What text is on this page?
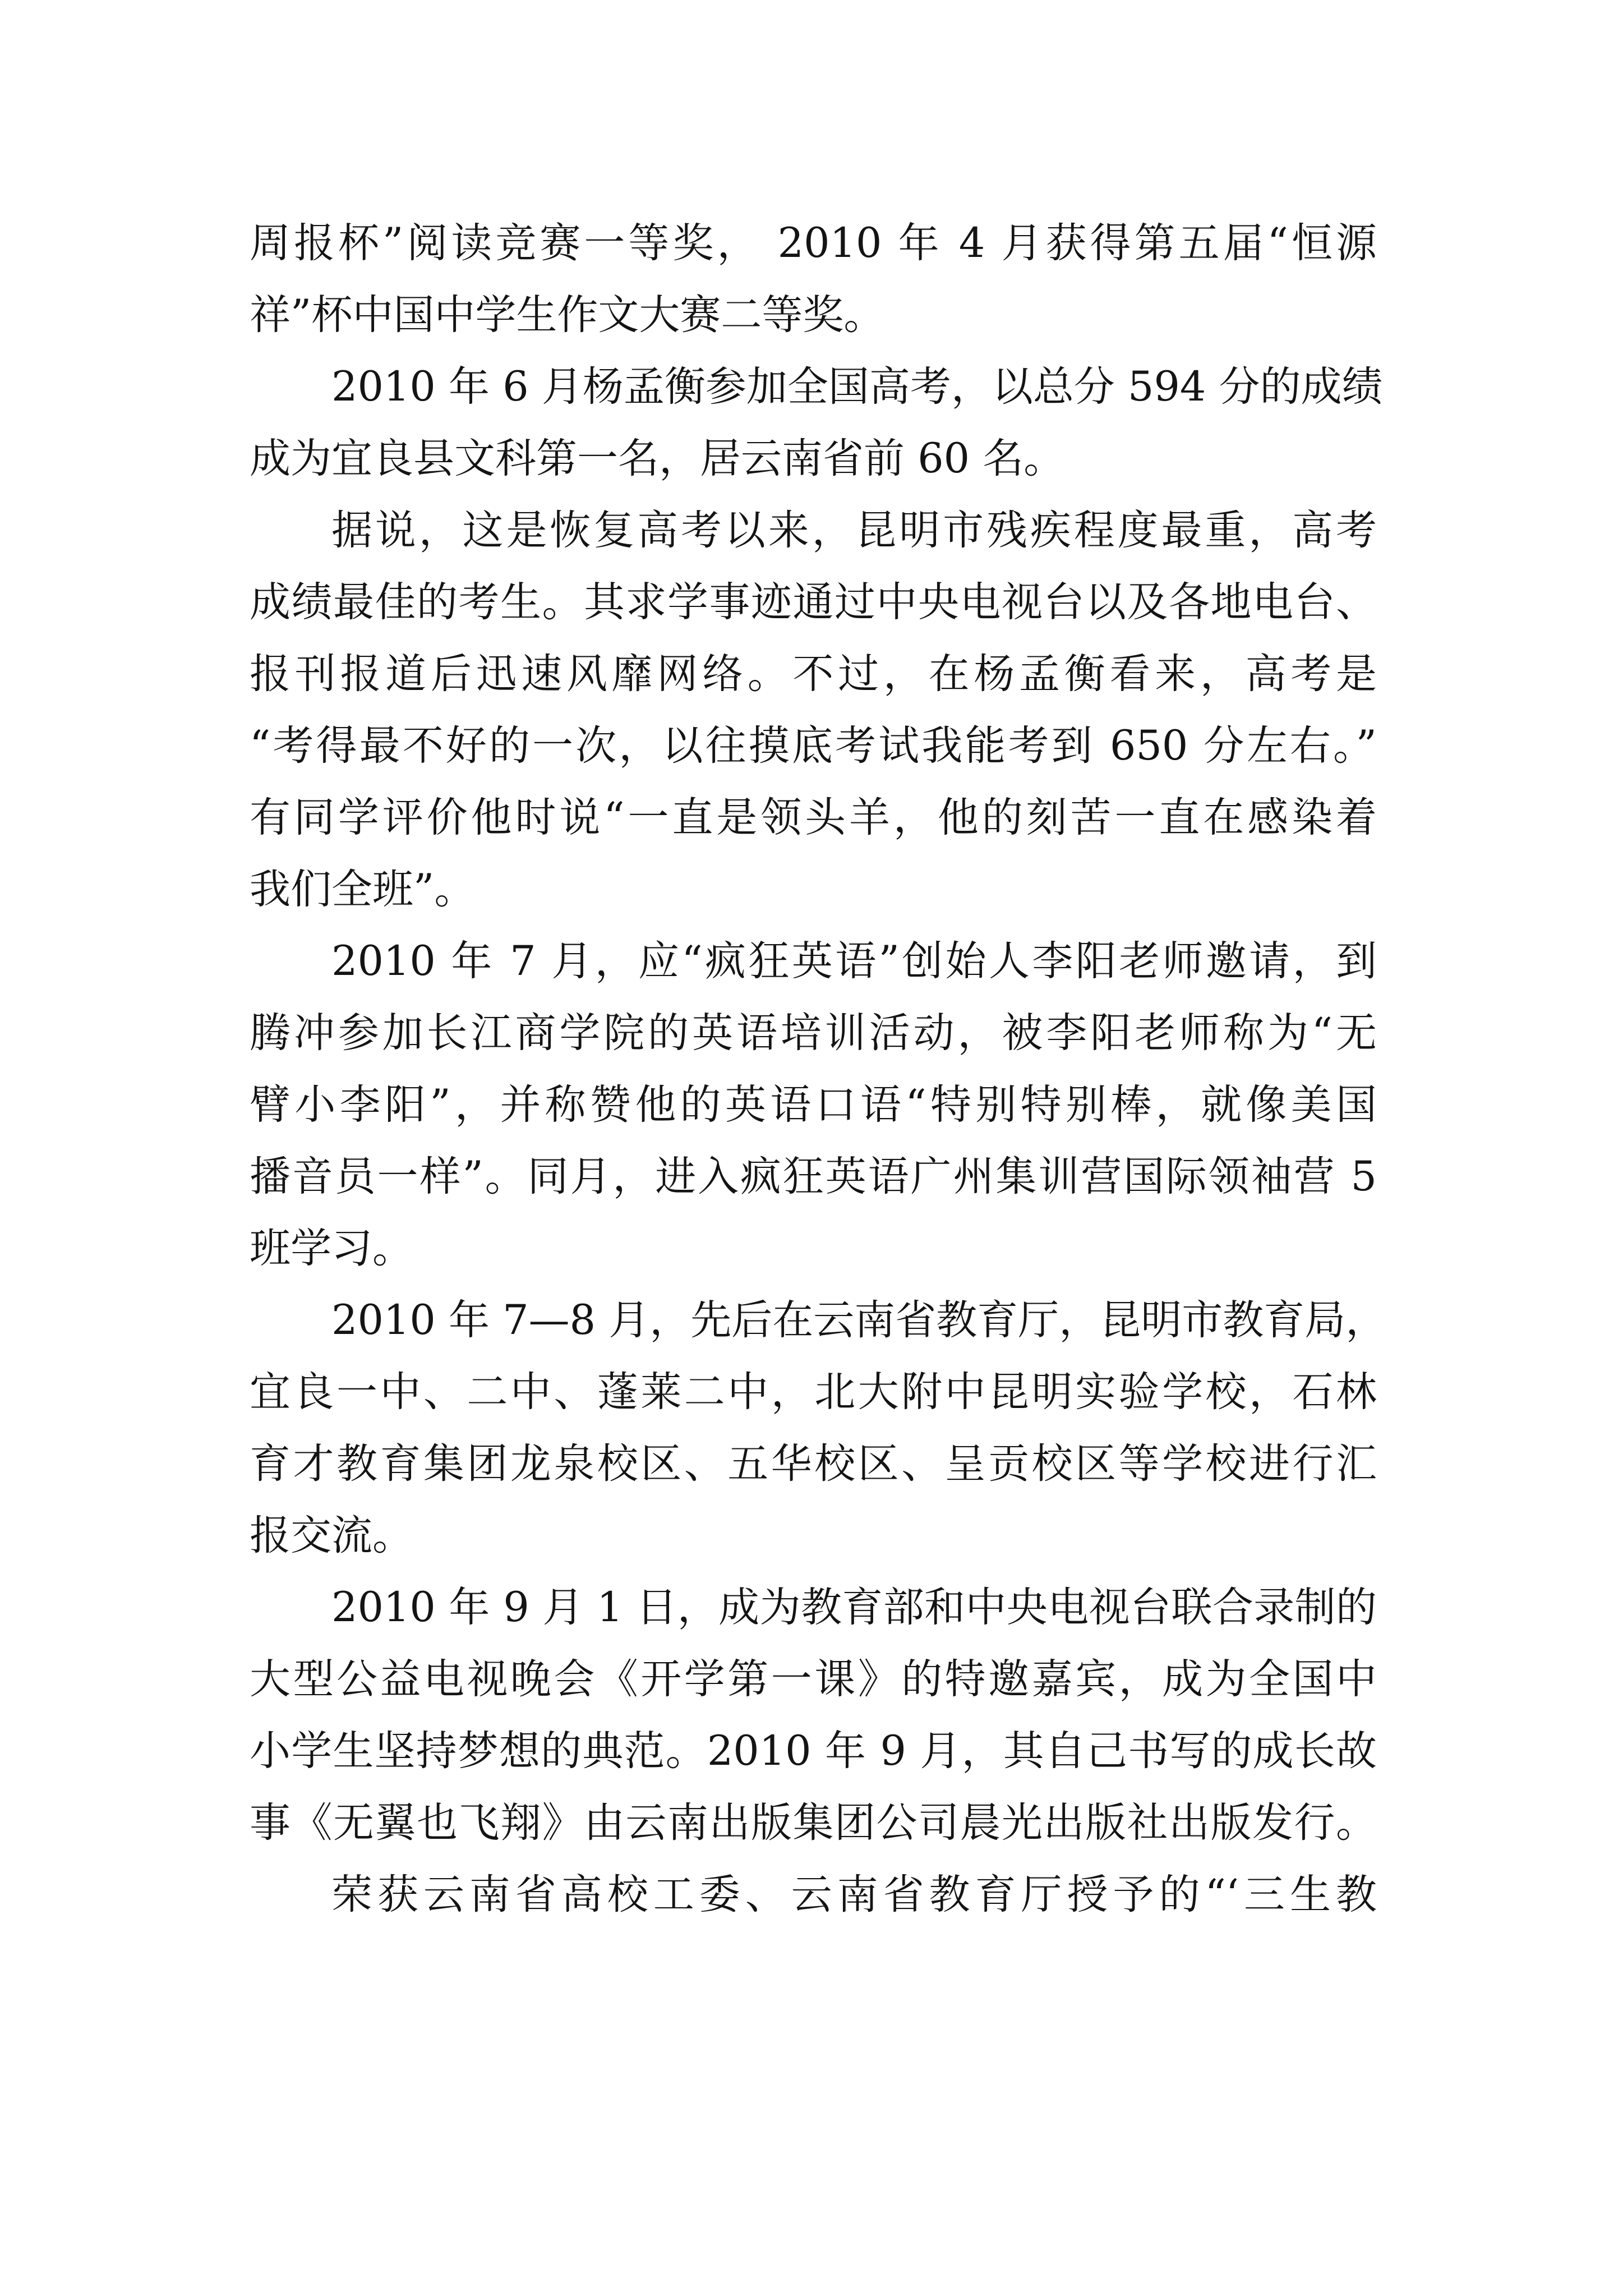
周报杯”阅读竞赛一等奖， 2010 年 4 月获得第五届“恒源
祥”杯中国中学生作文大赛二等奖。
2010 年 6 月杨孟衡参加全国高考，以总分 594 分的成绩
成为宜良县文科第一名，居云南省前 60 名。
据说，这是恢复高考以来，昆明市残疾程度最重，高考
成绩最佳的考生。其求学事迹通过中央电视台以及各地电台、
报刊报道后迅速风靡网络。不过，在杨孟衡看来，高考是
“考得最不好的一次，以往摸底考试我能考到 650 分左右。”
有同学评价他时说“一直是领头羊，他的刻苦一直在感染着
我们全班”。
2010 年 7 月，应“疯狂英语”创始人李阳老师邀请，到
腾冲参加长江商学院的英语培训活动，被李阳老师称为“无
臂小李阳”，并称赞他的英语口语“特别特别棒，就像美国
播音员一样”。同月，进入疯狂英语广州集训营国际领袖营 5
班学习。
2010 年 7—8 月，先后在云南省教育厅，昆明市教育局，
宜良一中、二中、蓬莱二中，北大附中昆明实验学校，石林
育才教育集团龙泉校区、五华校区、呈贡校区等学校进行汇
报交流。
2010 年 9 月 1 日，成为教育部和中央电视台联合录制的
大型公益电视晚会《开学第一课》的特邀嘉宾，成为全国中
小学生坚持梦想的典范。2010 年 9 月，其自己书写的成长故
事《无翼也飞翔》由云南出版集团公司晨光出版社出版发行。
荣获云南省高校工委、云南省教育厅授予的“‘三生教
